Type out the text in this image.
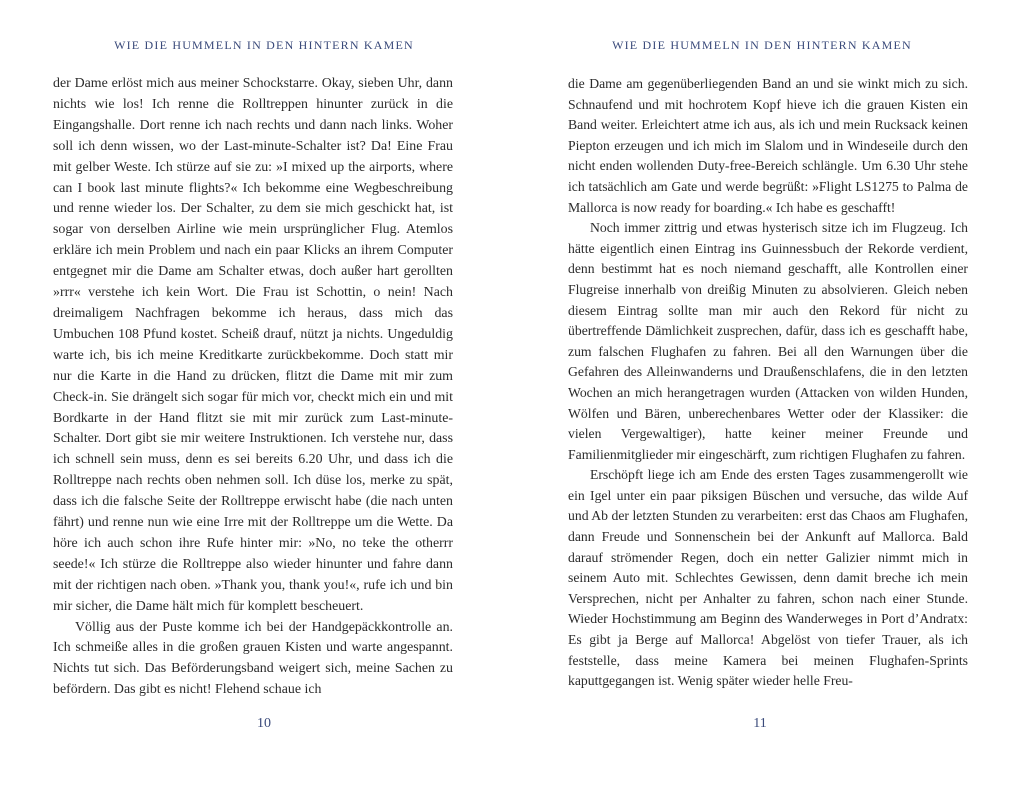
WIE DIE HUMMELN IN DEN HINTERN KAMEN

der Dame erlöst mich aus meiner Schockstarre. Okay, sieben Uhr, dann nichts wie los! Ich renne die Rolltreppen hinunter zurück in die Eingangshalle. Dort renne ich nach rechts und dann nach links. Woher soll ich denn wissen, wo der Last-minute-Schalter ist? Da! Eine Frau mit gelber Weste. Ich stürze auf sie zu: »I mixed up the airports, where can I book last minute flights?« Ich bekomme eine Wegbeschreibung und renne wieder los. Der Schalter, zu dem sie mich geschickt hat, ist sogar von derselben Airline wie mein ursprünglicher Flug. Atemlos erkläre ich mein Problem und nach ein paar Klicks an ihrem Computer entgegnet mir die Dame am Schalter etwas, doch außer hart gerollten »rrr« verstehe ich kein Wort. Die Frau ist Schottin, o nein! Nach dreimaligem Nachfragen bekomme ich heraus, dass mich das Umbuchen 108 Pfund kostet. Scheiß drauf, nützt ja nichts. Ungeduldig warte ich, bis ich meine Kreditkarte zurückbekomme. Doch statt mir nur die Karte in die Hand zu drücken, flitzt die Dame mit mir zum Check-in. Sie drängelt sich sogar für mich vor, checkt mich ein und mit Bordkarte in der Hand flitzt sie mit mir zurück zum Last-minute-Schalter. Dort gibt sie mir weitere Instruktionen. Ich verstehe nur, dass ich schnell sein muss, denn es sei bereits 6.20 Uhr, und dass ich die Rolltreppe nach rechts oben nehmen soll. Ich düse los, merke zu spät, dass ich die falsche Seite der Rolltreppe erwischt habe (die nach unten fährt) und renne nun wie eine Irre mit der Rolltreppe um die Wette. Da höre ich auch schon ihre Rufe hinter mir: »No, no teke the otherrr seede!« Ich stürze die Rolltreppe also wieder hinunter und fahre dann mit der richtigen nach oben. »Thank you, thank you!«, rufe ich und bin mir sicher, die Dame hält mich für komplett bescheuert.

Völlig aus der Puste komme ich bei der Handgepäckkontrolle an. Ich schmeiße alles in die großen grauen Kisten und warte angespannt. Nichts tut sich. Das Beförderungsband weigert sich, meine Sachen zu befördern. Das gibt es nicht! Flehend schaue ich

10
WIE DIE HUMMELN IN DEN HINTERN KAMEN

die Dame am gegenüberliegenden Band an und sie winkt mich zu sich. Schnaufend und mit hochrotem Kopf hieve ich die grauen Kisten ein Band weiter. Erleichtert atme ich aus, als ich und mein Rucksack keinen Piepton erzeugen und ich mich im Slalom und in Windeseile durch den nicht enden wollenden Duty-free-Bereich schlängle. Um 6.30 Uhr stehe ich tatsächlich am Gate und werde begrüßt: »Flight LS1275 to Palma de Mallorca is now ready for boarding.« Ich habe es geschafft!

Noch immer zittrig und etwas hysterisch sitze ich im Flugzeug. Ich hätte eigentlich einen Eintrag ins Guinnessbuch der Rekorde verdient, denn bestimmt hat es noch niemand geschafft, alle Kontrollen einer Flugreise innerhalb von dreißig Minuten zu absolvieren. Gleich neben diesem Eintrag sollte man mir auch den Rekord für nicht zu übertreffende Dämlichkeit zusprechen, dafür, dass ich es geschafft habe, zum falschen Flughafen zu fahren. Bei all den Warnungen über die Gefahren des Alleinwanderns und Draußenschlafens, die in den letzten Wochen an mich herangetragen wurden (Attacken von wilden Hunden, Wölfen und Bären, unberechenbares Wetter oder der Klassiker: die vielen Vergewaltiger), hatte keiner meiner Freunde und Familienmitglieder mir eingeschärft, zum richtigen Flughafen zu fahren.

Erschöpft liege ich am Ende des ersten Tages zusammengerollt wie ein Igel unter ein paar piksigen Büschen und versuche, das wilde Auf und Ab der letzten Stunden zu verarbeiten: erst das Chaos am Flughafen, dann Freude und Sonnenschein bei der Ankunft auf Mallorca. Bald darauf strömender Regen, doch ein netter Galizier nimmt mich in seinem Auto mit. Schlechtes Gewissen, denn damit breche ich mein Versprechen, nicht per Anhalter zu fahren, schon nach einer Stunde. Wieder Hochstimmung am Beginn des Wanderweges in Port d’Andratx: Es gibt ja Berge auf Mallorca! Abgelöst von tiefer Trauer, als ich feststelle, dass meine Kamera bei meinen Flughafen-Sprints kaputtgegangen ist. Wenig später wieder helle Freu-

11
